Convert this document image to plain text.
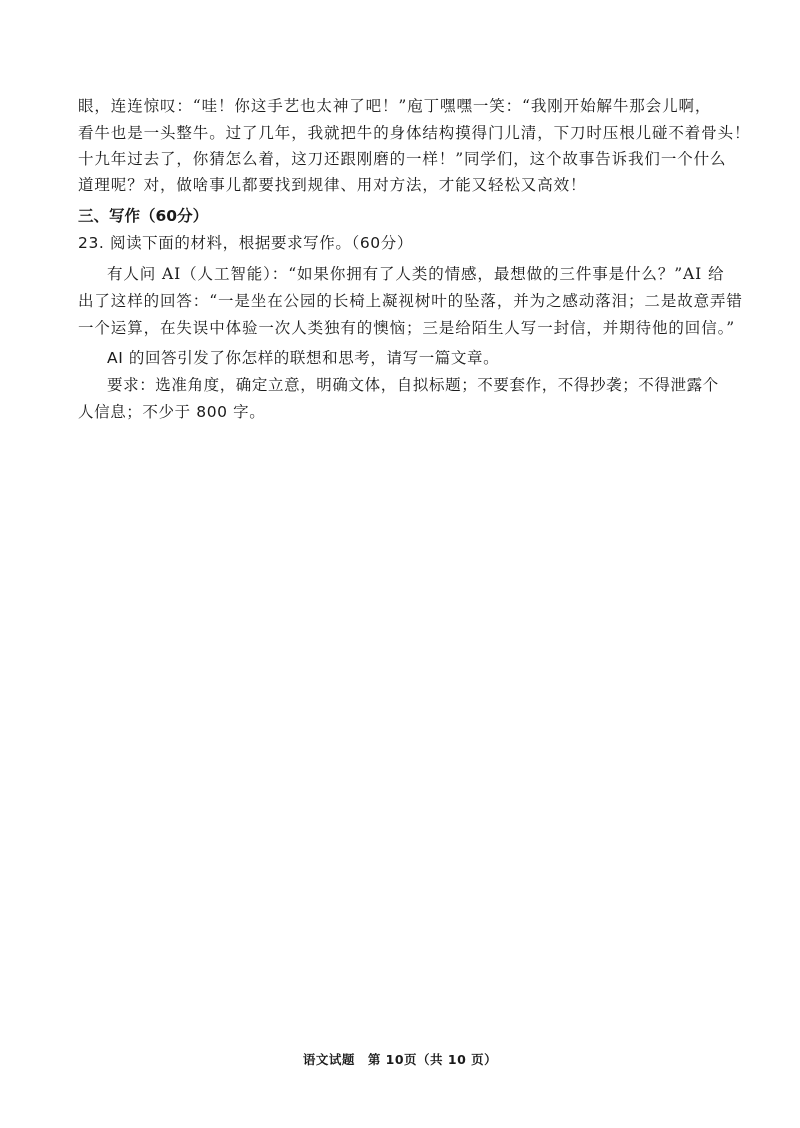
眼，连连惊叹：“哇！你这手艺也太神了吧！”庖丁嘿嘿一笑：“我刚开始解牛那会儿啊，
看牛也是一头整牛。过了几年，我就把牛的身体结构摸得门儿清，下刀时压根儿碰不着骨头！
十九年过去了，你猜怎么着，这刀还跟刚磨的一样！”同学们，这个故事告诉我们一个什么
道理呢？对，做啥事儿都要找到规律、用对方法，才能又轻松又高效！
三、写作（60分）
23. 阅读下面的材料，根据要求写作。（60分）
有人问 AI（人工智能）：“如果你拥有了人类的情感，最想做的三件事是什么？”AI 给
出了这样的回答：“一是坐在公园的长椅上凝视树叶的坠落，并为之感动落泪；二是故意弄错
一个运算，在失误中体验一次人类独有的懊恼；三是给陌生人写一封信，并期待他的回信。”
AI 的回答引发了你怎样的联想和思考，请写一篇文章。
要求：选准角度，确定立意，明确文体，自拟标题；不要套作，不得抄袭；不得泄露个
人信息；不少于 800 字。
语文试题　第 10页（共 10 页）
